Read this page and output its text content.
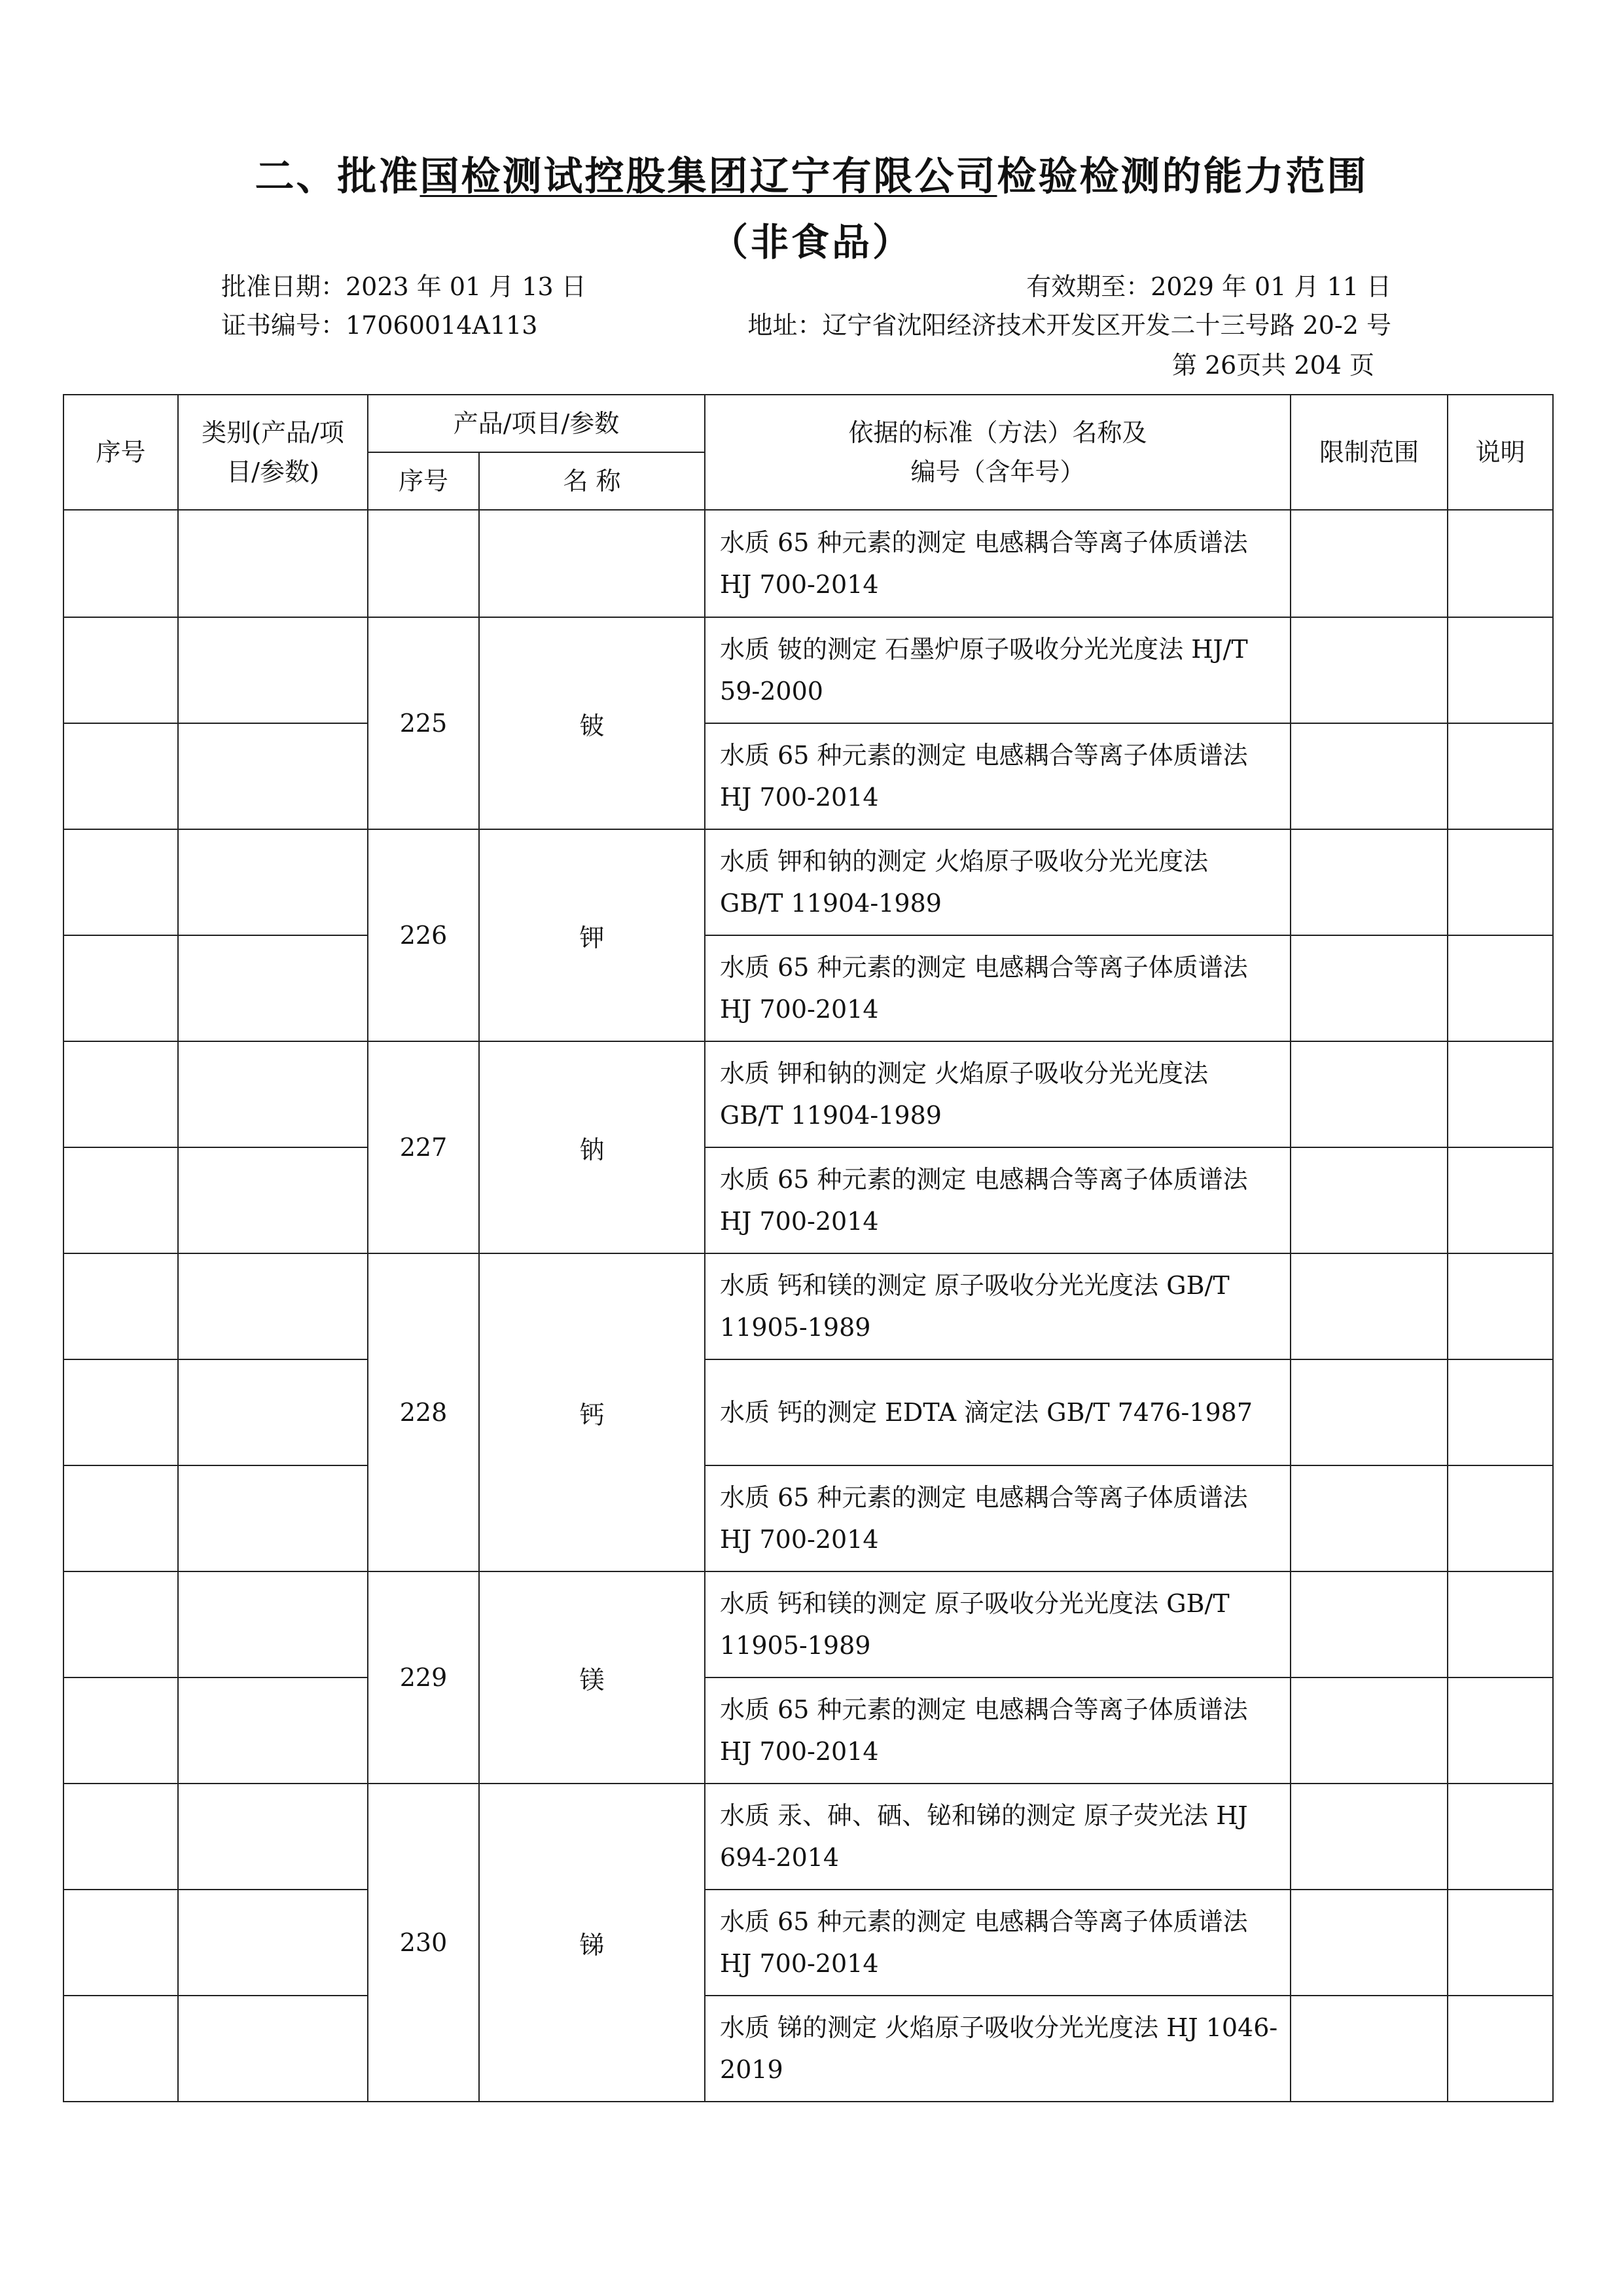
二、批准国检测试控股集团辽宁有限公司检验检测的能力范围
（非食品）
批准日期：2023 年 01 月 13 日	有效期至：2029 年 01 月 11 日
证书编号：17060014A113	地址：辽宁省沈阳经济技术开发区开发二十三号路 20-2 号
第 26页共 204 页
序号	类别(产品/项目/参数)	产品/项目/参数		依据的标准（方法）名称及编号（含年号）	限制范围	说明
		序号	名 称			
				水质 65 种元素的测定 电感耦合等离子体质谱法 HJ 700-2014		
		225	铍	水质 铍的测定 石墨炉原子吸收分光光度法 HJ/T 59-2000		
				水质 65 种元素的测定 电感耦合等离子体质谱法 HJ 700-2014		
		226	钾	水质 钾和钠的测定 火焰原子吸收分光光度法 GB/T 11904-1989		
				水质 65 种元素的测定 电感耦合等离子体质谱法 HJ 700-2014		
		227	钠	水质 钾和钠的测定 火焰原子吸收分光光度法 GB/T 11904-1989		
				水质 65 种元素的测定 电感耦合等离子体质谱法 HJ 700-2014		
		228	钙	水质 钙和镁的测定 原子吸收分光光度法 GB/T 11905-1989		
				水质 钙的测定 EDTA 滴定法 GB/T 7476-1987		
				水质 65 种元素的测定 电感耦合等离子体质谱法 HJ 700-2014		
		229	镁	水质 钙和镁的测定 原子吸收分光光度法 GB/T 11905-1989		
				水质 65 种元素的测定 电感耦合等离子体质谱法 HJ 700-2014		
		230	锑	水质 汞、砷、硒、铋和锑的测定 原子荧光法 HJ 694-2014		
				水质 65 种元素的测定 电感耦合等离子体质谱法 HJ 700-2014		
				水质 锑的测定 火焰原子吸收分光光度法 HJ 1046-2019		
